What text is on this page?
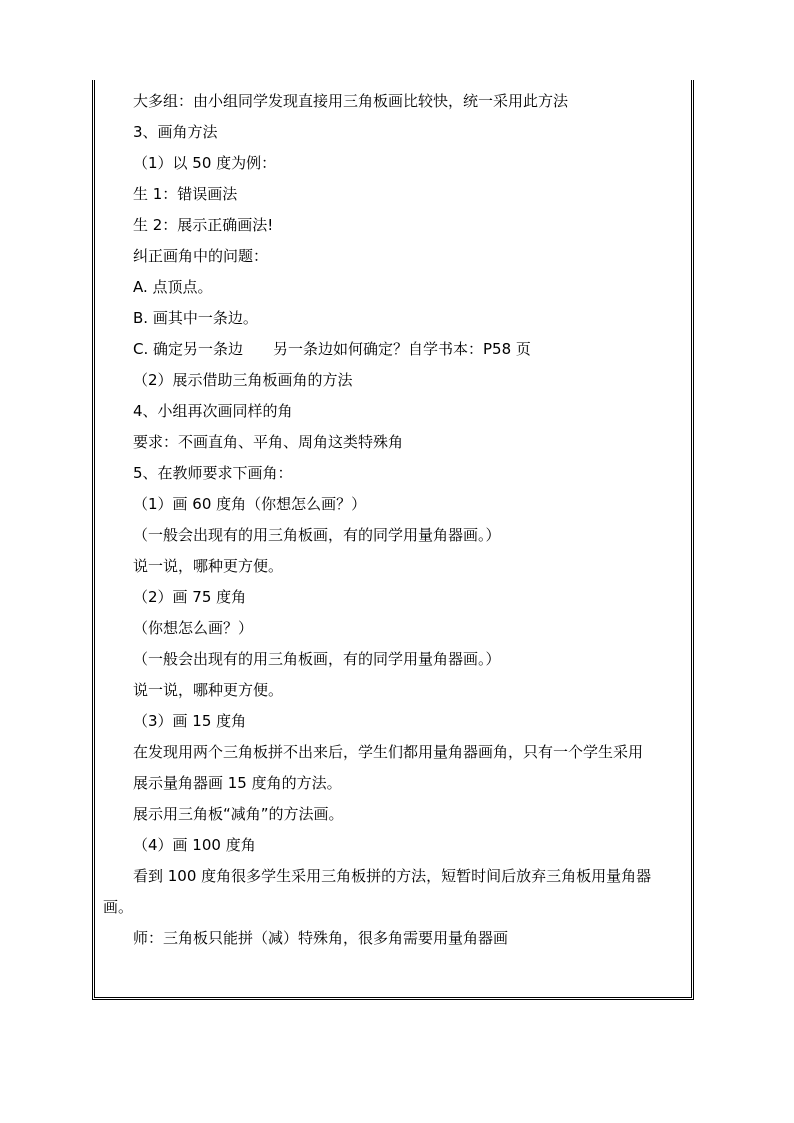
大多组：由小组同学发现直接用三角板画比较快，统一采用此方法
3、画角方法
（1）以 50 度为例：
生 1：错误画法
生 2：展示正确画法!
纠正画角中的问题：
A. 点顶点。
B. 画其中一条边。
C. 确定另一条边　　另一条边如何确定？自学书本：P58 页
（2）展示借助三角板画角的方法
4、小组再次画同样的角
要求：不画直角、平角、周角这类特殊角
5、在教师要求下画角：
（1）画 60 度角（你想怎么画？）
（一般会出现有的用三角板画，有的同学用量角器画。）
说一说，哪种更方便。
（2）画 75 度角
（你想怎么画？）
（一般会出现有的用三角板画，有的同学用量角器画。）
说一说，哪种更方便。
（3）画 15 度角
在发现用两个三角板拼不出来后，学生们都用量角器画角，只有一个学生采用
展示量角器画 15 度角的方法。
展示用三角板“减角”的方法画。
（4）画 100 度角
看到 100 度角很多学生采用三角板拼的方法，短暂时间后放弃三角板用量角器
画。
师：三角板只能拼（减）特殊角，很多角需要用量角器画
